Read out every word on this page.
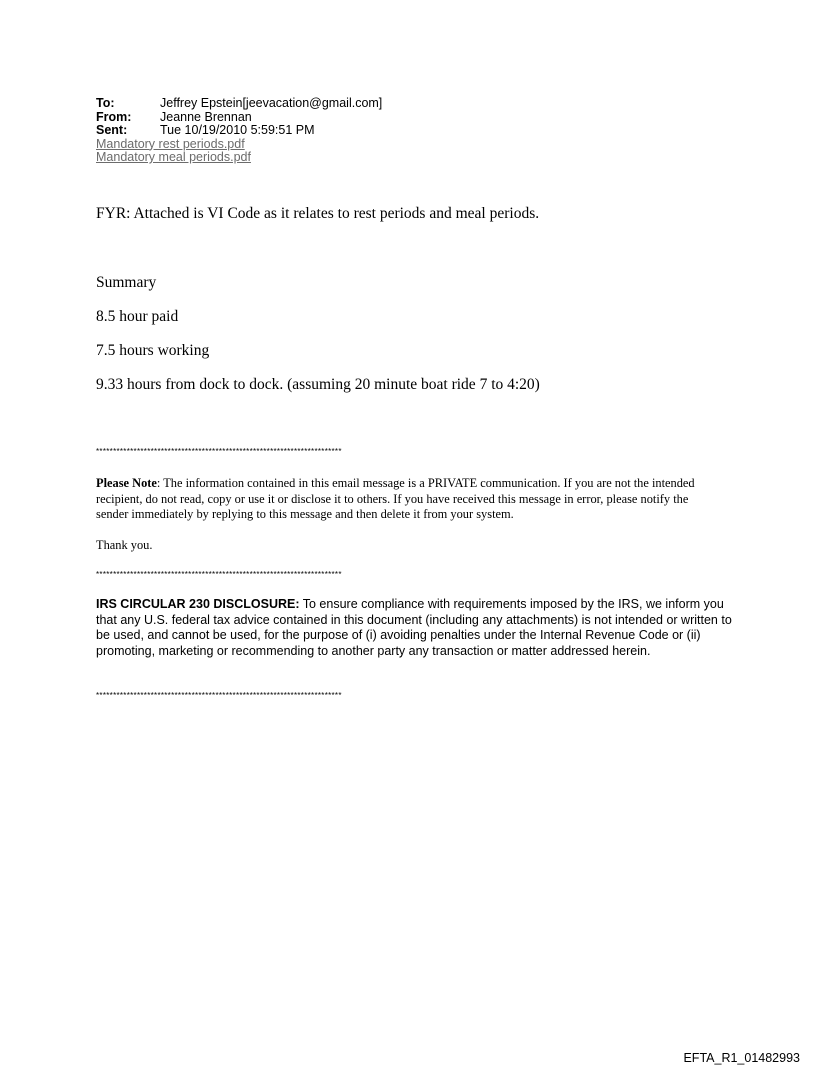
To:	Jeffrey Epstein[jeevacation@gmail.com]
From:	Jeanne Brennan
Sent:	Tue 10/19/2010 5:59:51 PM
Mandatory rest periods.pdf
Mandatory meal periods.pdf
FYR: Attached is VI Code as it relates to rest periods and meal periods.
Summary
8.5 hour paid
7.5 hours working
9.33 hours from dock to dock. (assuming 20 minute boat ride 7 to 4:20)
************************************************************************
Please Note: The information contained in this email message is a PRIVATE communication. If you are not the intended recipient, do not read, copy or use it or disclose it to others. If you have received this message in error, please notify the sender immediately by replying to this message and then delete it from your system.
Thank you.
************************************************************************
IRS CIRCULAR 230 DISCLOSURE: To ensure compliance with requirements imposed by the IRS, we inform you that any U.S. federal tax advice contained in this document (including any attachments) is not intended or written to be used, and cannot be used, for the purpose of (i) avoiding penalties under the Internal Revenue Code or (ii) promoting, marketing or recommending to another party any transaction or matter addressed herein.
************************************************************************
EFTA_R1_01482993
